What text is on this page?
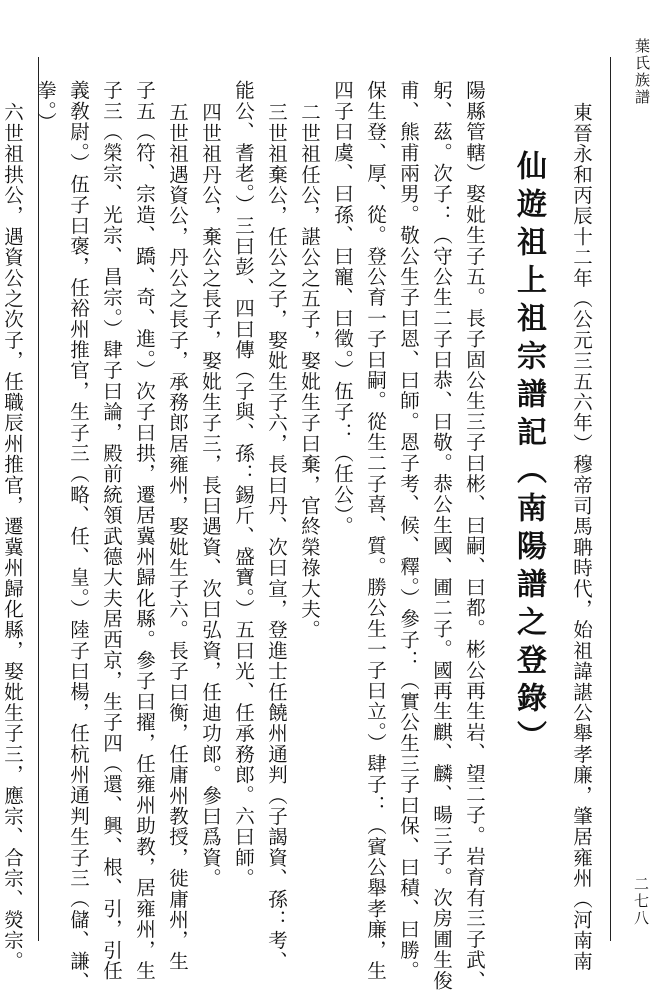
葉氏族譜
二七八
東晉永和丙辰十二年（公元三五六年）穆帝司馬聃時代，始祖諱諶公舉孝廉，肇居雍州（河南南
仙遊祖上祖宗譜記（南陽譜之登錄）
陽縣管轄）娶妣生子五。長子固公生三子曰彬、曰嗣、曰都。彬公再生岩、望二子。岩育有三子武、
躬、茲。次子：（守公生二子曰恭、曰敬。恭公生國、圃二子。國再生麒、麟、暘三子。次房圃生俊
甫、熊甫兩男。敬公生子曰恩、曰師。恩子考、候、釋。）參子：（實公生三子曰保、曰積、曰勝。
保生登、厚、從。登公育一子曰嗣。從生二子喜、質。勝公生一子曰立。）肆子：（賓公舉孝廉，生
四子曰虞、曰孫、曰寵、曰徵。）伍子：（任公）。
二世祖任公，諶公之五子，娶妣生子曰棄，官終榮祿大夫。
三世祖棄公，任公之子，娶妣生子六，長曰丹、次曰宣，登進士任饒州通判（子謁資、孫：考、
能公、耆老。）三曰彭、四曰傳（子與、孫：錫斤、盛寶。）五曰光、任承務郎。六曰師。
四世祖丹公，棄公之長子，娶妣生子三，長曰遇資、次曰弘資，任迪功郎。參曰爲資。
五世祖遇資公，丹公之長子，承務郎居雍州，娶妣生子六。長子曰衡，任庸州教授，徙庸州，生
子五（符、宗造、蹻、奇、進。）次子曰拱，遷居冀州歸化縣。參子曰擢，任雍州助教，居雍州，生
子三（榮宗、光宗、昌宗。）肆子曰論，殿前統領武德大夫居西京，生子四（還、興、根、引，引任
義敎尉。）伍子曰褒，任裕州推官，生子三（略、任、皇。）陸子曰楊，任杭州通判生子三（儲、謙、
拳。）
六世祖拱公，遇資公之次子，任職辰州推官，遷冀州歸化縣，娶妣生子三，應宗、合宗、熒宗。
